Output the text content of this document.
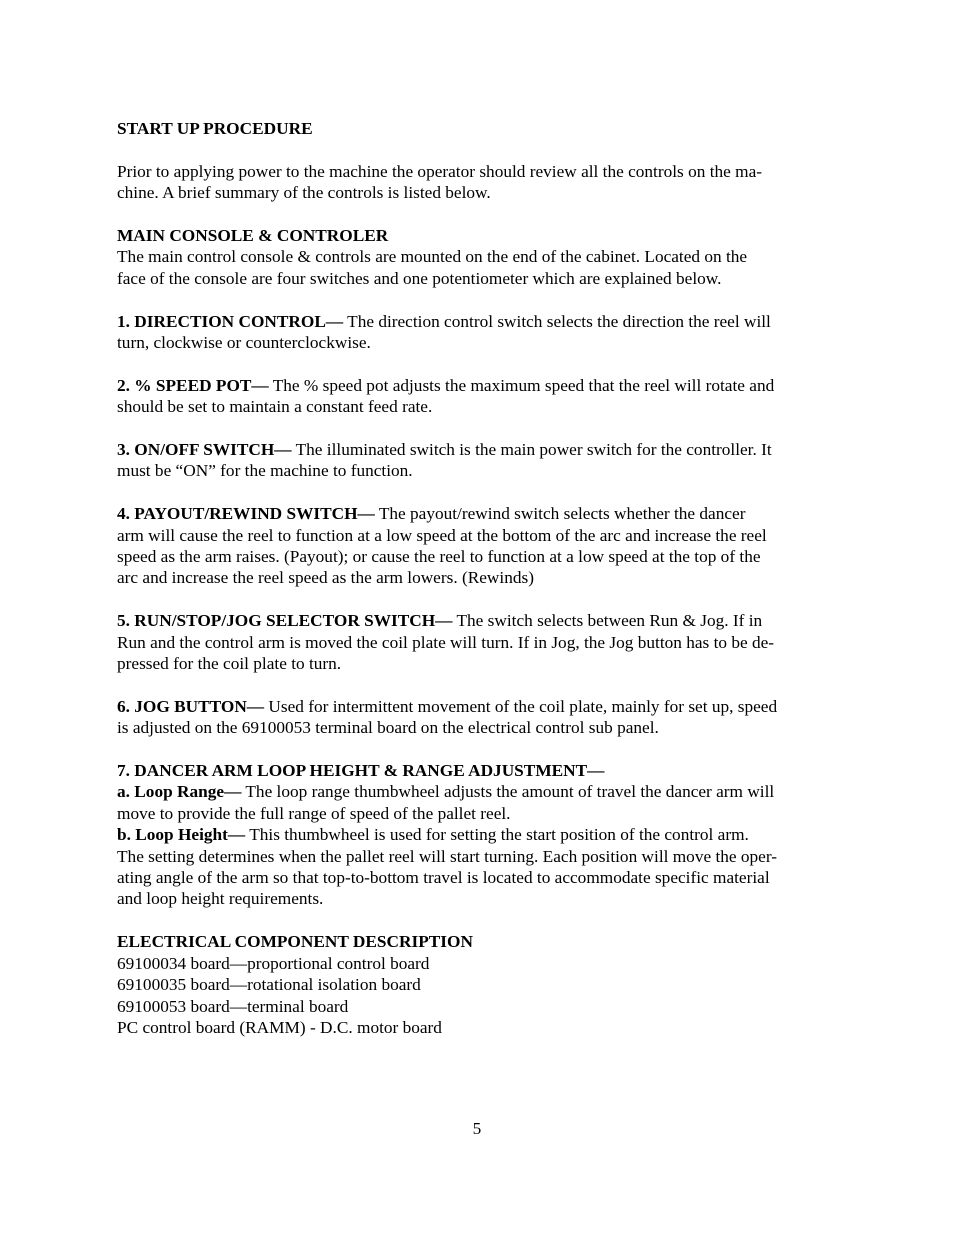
START UP PROCEDURE

Prior to applying power to the machine the operator should review all the controls on the ma-
chine. A brief summary of the controls is listed below.

MAIN CONSOLE & CONTROLER
The main control console & controls are mounted on the end of the cabinet. Located on the
face of the console are four switches and one potentiometer which are explained below.

1. DIRECTION CONTROL— The direction control switch selects the direction the reel will
turn, clockwise or counterclockwise.

2. % SPEED POT— The % speed pot adjusts the maximum speed that the reel will rotate and
should be set to maintain a constant feed rate.

3. ON/OFF SWITCH— The illuminated switch is the main power switch for the controller. It
must be “ON” for the machine to function.

4. PAYOUT/REWIND SWITCH— The payout/rewind switch selects whether the dancer
arm will cause the reel to function at a low speed at the bottom of the arc and increase the reel
speed as the arm raises. (Payout); or cause the reel to function at a low speed at the top of the
arc and increase the reel speed as the arm lowers. (Rewinds)

5. RUN/STOP/JOG SELECTOR SWITCH— The switch selects between Run & Jog. If in
Run and the control arm is moved the coil plate will turn. If in Jog, the Jog button has to be de-
pressed for the coil plate to turn.

6. JOG BUTTON— Used for intermittent movement of the coil plate, mainly for set up, speed
is adjusted on the 69100053 terminal board on the electrical control sub panel.

7. DANCER ARM LOOP HEIGHT & RANGE ADJUSTMENT—
a. Loop Range— The loop range thumbwheel adjusts the amount of travel the dancer arm will
move to provide the full range of speed of the pallet reel.
b. Loop Height— This thumbwheel is used for setting the start position of the control arm.
The setting determines when the pallet reel will start turning. Each position will move the oper-
ating angle of the arm so that top-to-bottom travel is located to accommodate specific material
and loop height requirements.

ELECTRICAL COMPONENT DESCRIPTION
69100034 board—proportional control board
69100035 board—rotational isolation board
69100053 board—terminal board
PC control board (RAMM) - D.C. motor board

5
